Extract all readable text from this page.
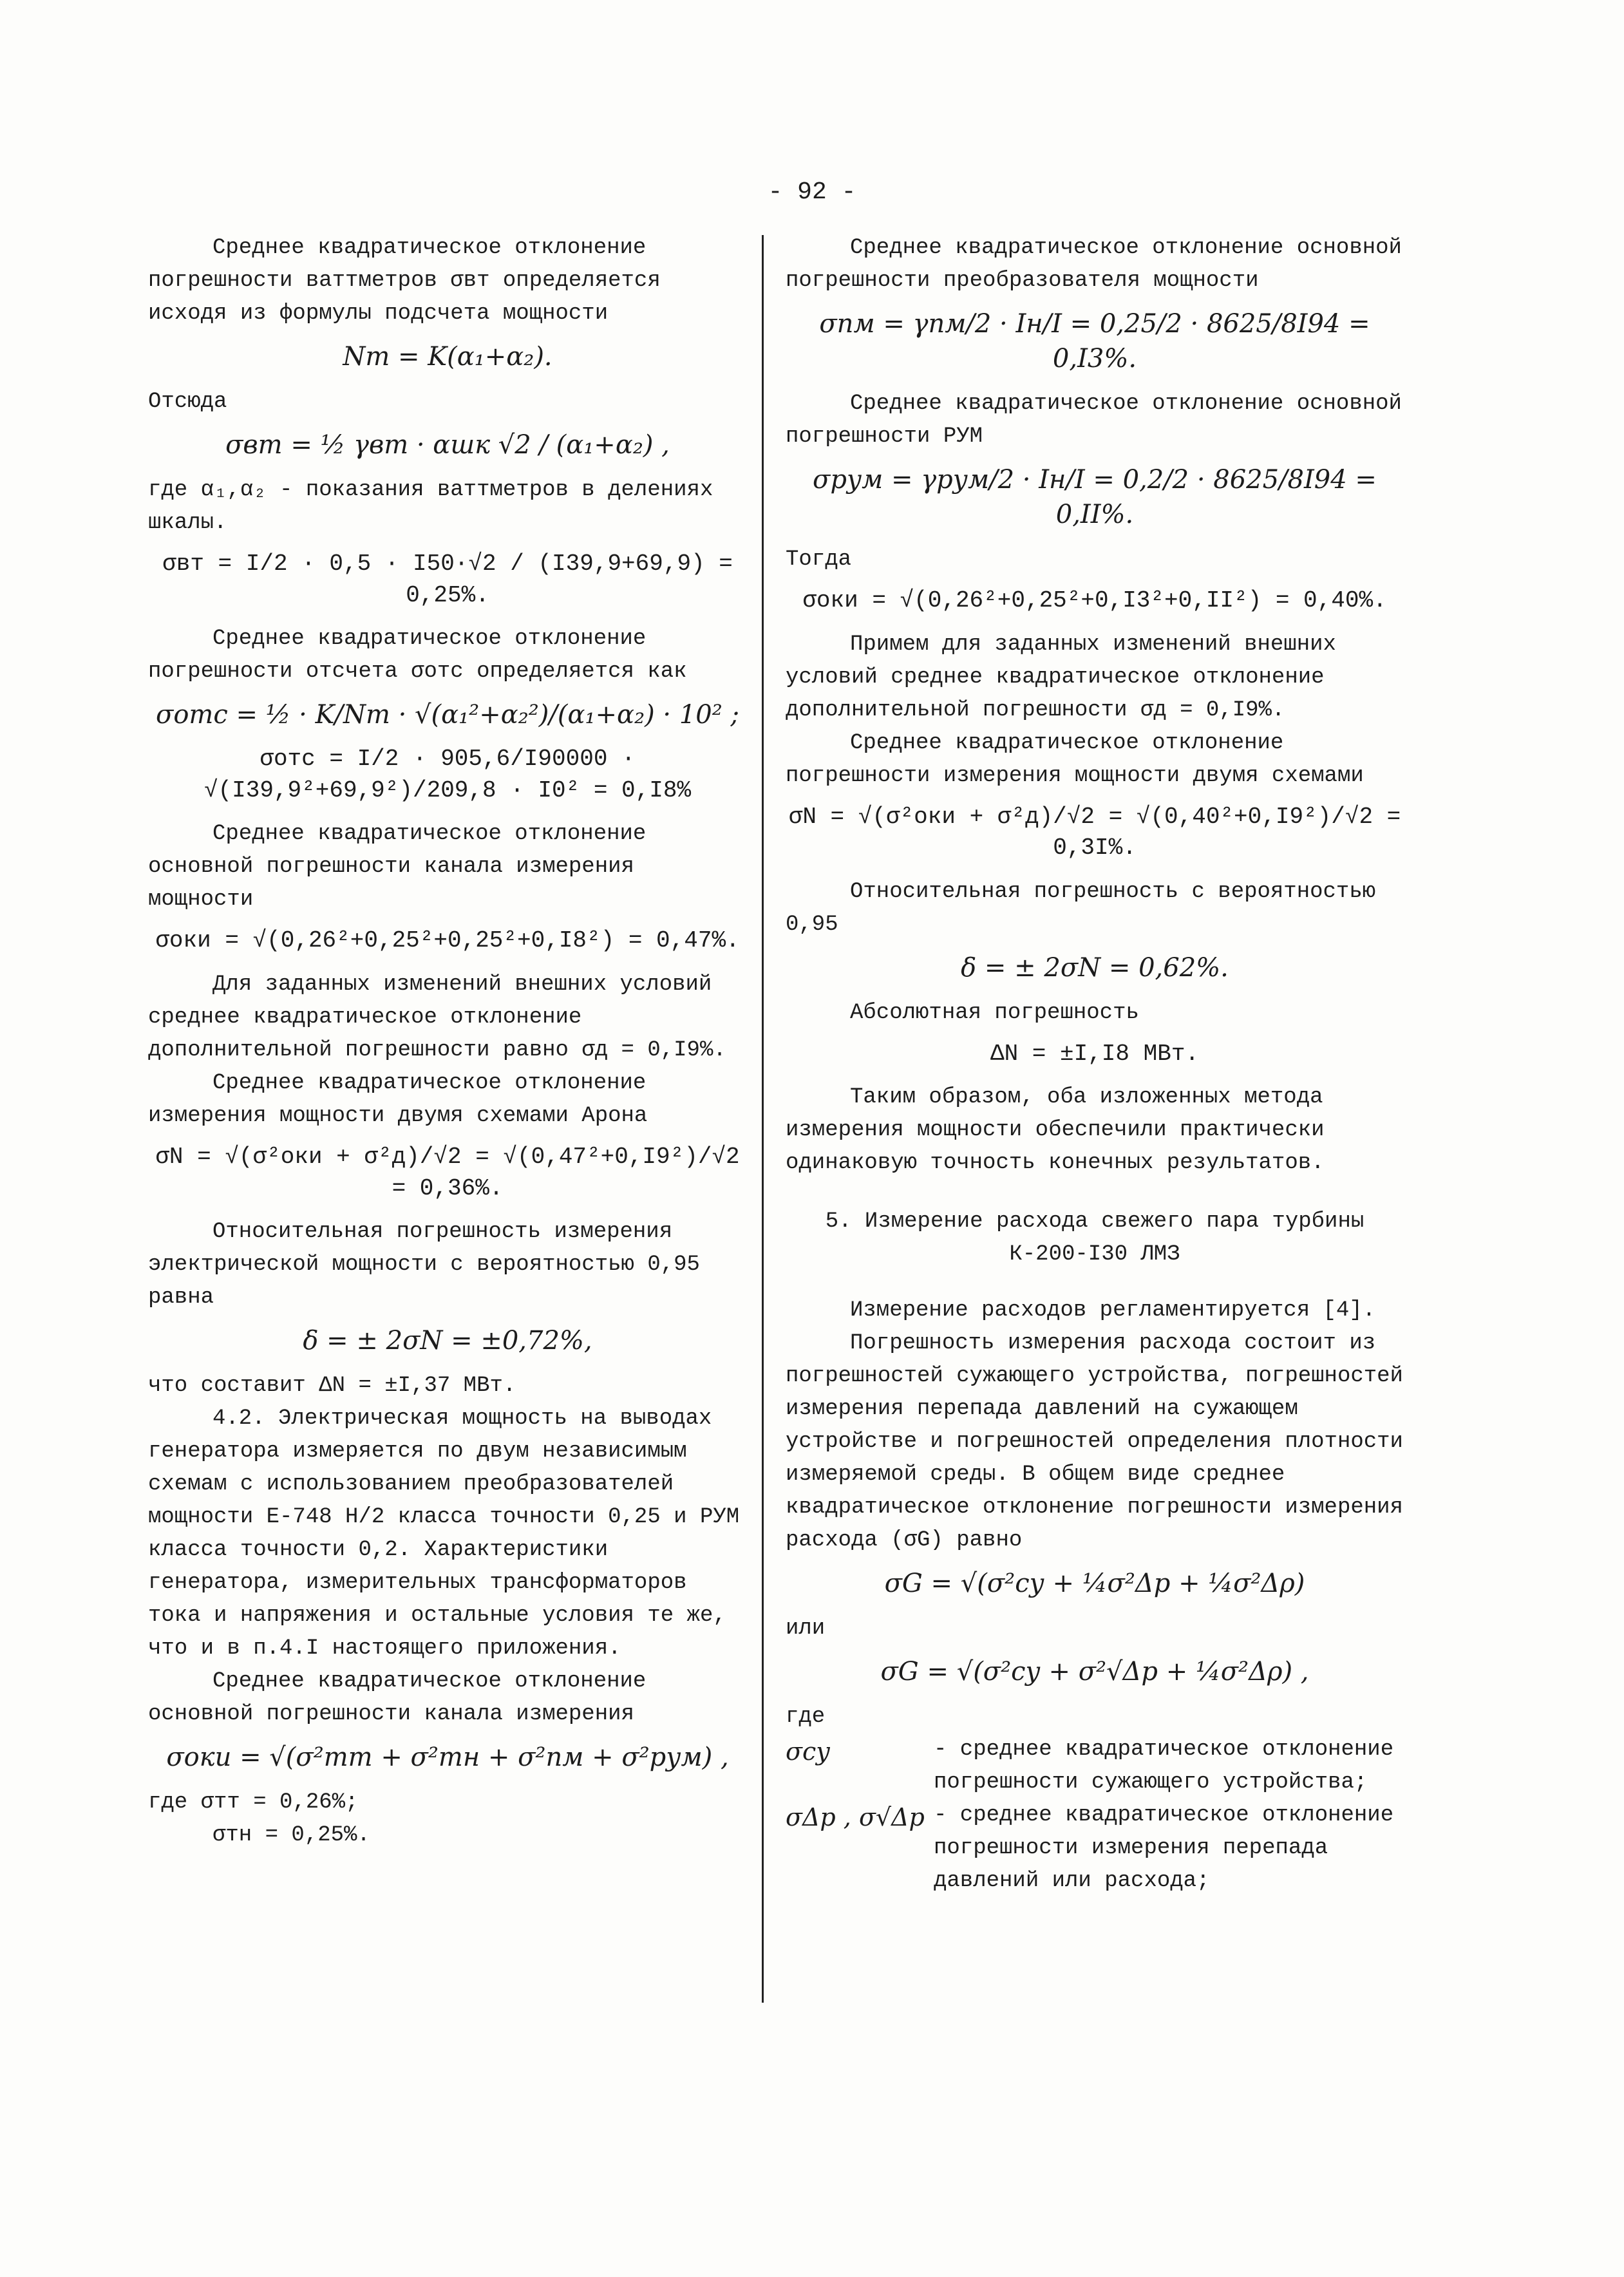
- 92 -

Среднее квадратическое отклонение погрешности ваттметров σвт определяется исходя из формулы подсчета мощности

Nт = K(α₁+α₂).

Отсюда

σвт = ½ γвт · αшк √2 / (α₁+α₂) ,

где α₁,α₂ - показания ваттметров в делениях шкалы.

σвт = I/2 · 0,5 · I50·√2 / (I39,9+69,9) = 0,25%.

Среднее квадратическое отклонение погрешности отсчета σотс определяется как

σотс = ½ · K/Nт · √(α₁²+α₂²)/(α₁+α₂) · 10² ;
σотс = I/2 · 905,6/I90000 · √(I39,9²+69,9²)/209,8 · I0² = 0,I8%

Среднее квадратическое отклонение основной погрешности канала измерения мощности

σоки = √(0,26²+0,25²+0,25²+0,I8²) = 0,47%.

Для заданных изменений внешних условий среднее квадратическое отклонение дополнительной погрешности равно σд = 0,I9%.

Среднее квадратическое отклонение измерения мощности двумя схемами Арона

σN = √(σ²оки + σ²д)/√2 = √(0,47²+0,I9²)/√2 = 0,36%.

Относительная погрешность измерения электрической мощности с вероятностью 0,95 равна

δ = ± 2σN = ±0,72%,

что составит ΔN = ±I,37 МВт.

4.2. Электрическая мощность на выводах генератора измеряется по двум независимым схемам с использованием преобразователей мощности Е-748 Н/2 класса точности 0,25 и РУМ класса точности 0,2. Характеристики генератора, измерительных трансформаторов тока и напряжения и остальные условия те же, что и в п.4.I настоящего приложения.

Среднее квадратическое отклонение основной погрешности канала измерения

σоки = √(σ²тт + σ²тн + σ²пм + σ²рум) ,

где σтт = 0,26%;

σтн = 0,25%.

Среднее квадратическое отклонение основной погрешности преобразователя мощности

σпм = γпм/2 · Iн/I = 0,25/2 · 8625/8I94 = 0,I3%.

Среднее квадратическое отклонение основной погрешности РУМ

σрум = γрум/2 · Iн/I = 0,2/2 · 8625/8I94 = 0,II%.

Тогда

σоки = √(0,26²+0,25²+0,I3²+0,II²) = 0,40%.

Примем для заданных изменений внешних условий среднее квадратическое отклонение дополнительной погрешности σд = 0,I9%.

Среднее квадратическое отклонение погрешности измерения мощности двумя схемами

σN = √(σ²оки + σ²д)/√2 = √(0,40²+0,I9²)/√2 = 0,3I%.

Относительная погрешность с вероятностью 0,95

δ = ± 2σN = 0,62%.

Абсолютная погрешность

ΔN = ±I,I8 МВт.

Таким образом, оба изложенных метода измерения мощности обеспечили практически одинаковую точность конечных результатов.

5. Измерение расхода свежего пара турбины К-200-I30 ЛМЗ

Измерение расходов регламентируется [4].

Погрешность измерения расхода состоит из погрешностей сужающего устройства, погрешностей измерения перепада давлений на сужающем устройстве и погрешностей определения плотности измеряемой среды. В общем виде среднее квадратическое отклонение погрешности измерения расхода (σG) равно

σG = √(σ²су + ¼σ²Δp + ¼σ²Δρ)

или

σG = √(σ²су + σ²√Δp + ¼σ²Δρ) ,

где

σсу	- среднее квадратическое отклонение погрешности сужающего устройства;
σΔp , σ√Δp - среднее квадратическое отклонение погрешности измерения перепада давлений или расхода;
